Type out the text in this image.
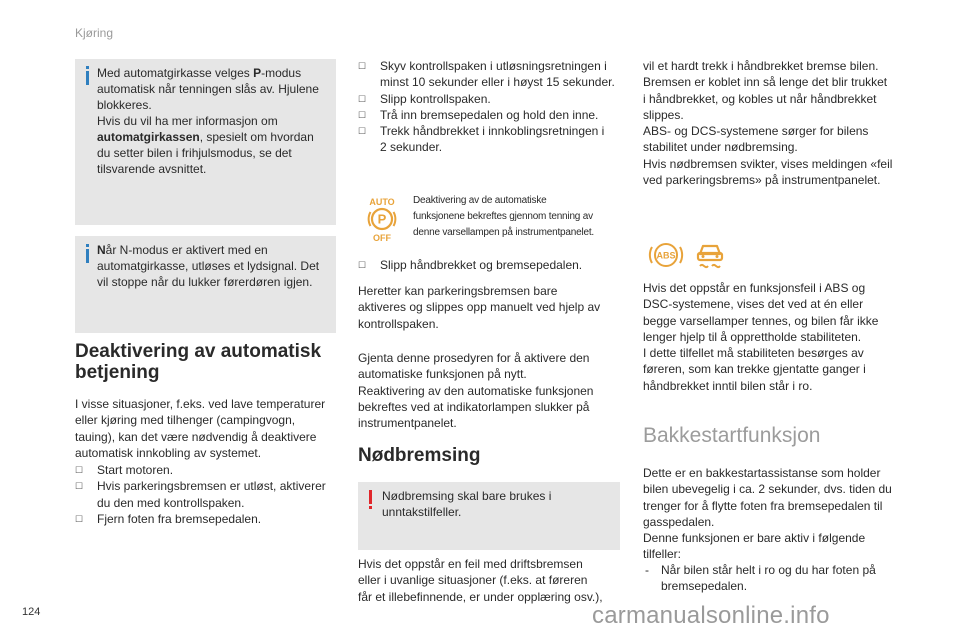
Kjøring
124	carmanualsonline.info
Med automatgirkasse velges P-modus
automatisk når tenningen slås av. Hjulene
blokkeres.
Hvis du vil ha mer informasjon om
automatgirkassen, spesielt om hvordan
du setter bilen i frihjulsmodus, se det
tilsvarende avsnittet.
Når N-modus er aktivert med en
automatgirkasse, utløses et lydsignal. Det
vil stoppe når du lukker førerdøren igjen.
Deaktivering av automatisk
betjening
I visse situasjoner, f.eks. ved lave temperaturer
eller kjøring med tilhenger (campingvogn,
tauing), kan det være nødvendig å deaktivere
automatisk innkobling av systemet.
☐ Start motoren.
☐ Hvis parkeringsbremsen er utløst, aktiverer
du den med kontrollspaken.
☐ Fjern foten fra bremsepedalen.
☐ Skyv kontrollspaken i utløsningsretningen i
minst 10 sekunder eller i høyst 15 sekunder.
☐ Slipp kontrollspaken.
☐ Trå inn bremsepedalen og hold den inne.
☐ Trekk håndbrekket i innkoblingsretningen i
2 sekunder.
AUTO
P
OFF
Deaktivering av de automatiske
funksjonene bekreftes gjennom tenning av
denne varsellampen på instrumentpanelet.
☐ Slipp håndbrekket og bremsepedalen.
Heretter kan parkeringsbremsen bare
aktiveres og slippes opp manuelt ved hjelp av
kontrollspaken.
Gjenta denne prosedyren for å aktivere den
automatiske funksjonen på nytt.
Reaktivering av den automatiske funksjonen
bekreftes ved at indikatorlampen slukker på
instrumentpanelet.
Nødbremsing
Nødbremsing skal bare brukes i
unntakstilfeller.
Hvis det oppstår en feil med driftsbremsen
eller i uvanlige situasjoner (f.eks. at føreren
får et illebefinnende, er under opplæring osv.),
vil et hardt trekk i håndbrekket bremse bilen.
Bremsen er koblet inn så lenge det blir trukket
i håndbrekket, og kobles ut når håndbrekket
slippes.
ABS- og DCS-systemene sørger for bilens
stabilitet under nødbremsing.
Hvis nødbremsen svikter, vises meldingen «feil
ved parkeringsbrems» på instrumentpanelet.
ABS
Hvis det oppstår en funksjonsfeil i ABS og
DSC-systemene, vises det ved at én eller
begge varsellamper tennes, og bilen får ikke
lenger hjelp til å opprettholde stabiliteten.
I dette tilfellet må stabiliteten besørges av
føreren, som kan trekke gjentatte ganger i
håndbrekket inntil bilen står i ro.
Bakkestartfunksjon
Dette er en bakkestartassistanse som holder
bilen ubevegelig i ca. 2 sekunder, dvs. tiden du
trenger for å flytte foten fra bremsepedalen til
gasspedalen.
Denne funksjonen er bare aktiv i følgende
tilfeller:
- Når bilen står helt i ro og du har foten på
bremsepedalen.
